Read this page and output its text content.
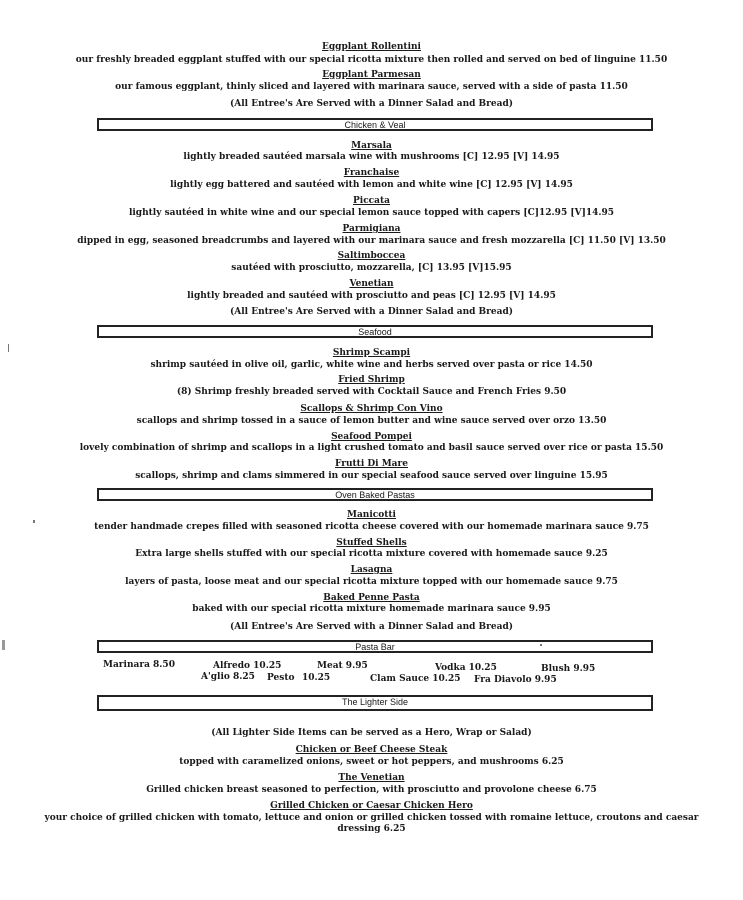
Eggplant Rollentini
our freshly breaded eggplant stuffed with our special ricotta mixture then rolled and served on bed of linguine 11.50
Eggplant Parmesan
our famous eggplant, thinly sliced and layered with marinara sauce, served with a side of pasta 11.50
(All Entree's Are Served with a Dinner Salad and Bread)
Chicken & Veal
Marsala
lightly breaded sautéed marsala wine with mushrooms [C] 12.95 [V] 14.95
Franchaise
lightly egg battered and sautéed with lemon and white wine [C] 12.95 [V] 14.95
Piccata
lightly sautéed in white wine and our special lemon sauce topped with capers [C]12.95 [V]14.95
Parmigiana
dipped in egg, seasoned breadcrumbs and layered with our marinara sauce and fresh mozzarella [C] 11.50 [V] 13.50
Saltimboccea
sautéed with prosciutto, mozzarella, [C] 13.95 [V]15.95
Venetian
lightly breaded and sautéed with prosciutto and peas [C] 12.95 [V] 14.95
(All Entree's Are Served with a Dinner Salad and Bread)
Seafood
Shrimp Scampi
shrimp sautéed in olive oil, garlic, white wine and herbs served over pasta or rice 14.50
Fried Shrimp
(8) Shrimp freshly breaded served with Cocktail Sauce and French Fries 9.50
Scallops & Shrimp Con Vino
scallops and shrimp tossed in a sauce of lemon butter and wine sauce served over orzo 13.50
Seafood Pompei
lovely combination of shrimp and scallops in a light crushed tomato and basil sauce served over rice or pasta 15.50
Frutti Di Mare
scallops, shrimp and clams simmered in our special seafood sauce served over linguine 15.95
Oven Baked Pastas
Manicotti
tender handmade crepes filled with seasoned ricotta cheese covered with our homemade marinara sauce 9.75
Stuffed Shells
Extra large shells stuffed with our special ricotta mixture covered with homemade sauce 9.25
Lasagna
layers of pasta, loose meat and our special ricotta mixture topped with our homemade sauce 9.75
Baked Penne Pasta
baked with our special ricotta mixture homemade marinara sauce 9.95
(All Entree's Are Served with a Dinner Salad and Bread)
Pasta Bar
Marinara 8.50	Alfredo 10.25	Meat 9.95	Vodka 10.25	Blush 9.95
A'glio 8.25 Pesto 10.25	Clam Sauce 10.25 Fra Diavolo 9.95
The Lighter Side
(All Lighter Side Items can be served as a Hero, Wrap or Salad)
Chicken or Beef Cheese Steak
topped with caramelized onions, sweet or hot peppers, and mushrooms 6.25
The Venetian
Grilled chicken breast seasoned to perfection, with prosciutto and provolone cheese 6.75
Grilled Chicken or Caesar Chicken Hero
your choice of grilled chicken with tomato, lettuce and onion or grilled chicken tossed with romaine lettuce, croutons and caesar
dressing 6.25
